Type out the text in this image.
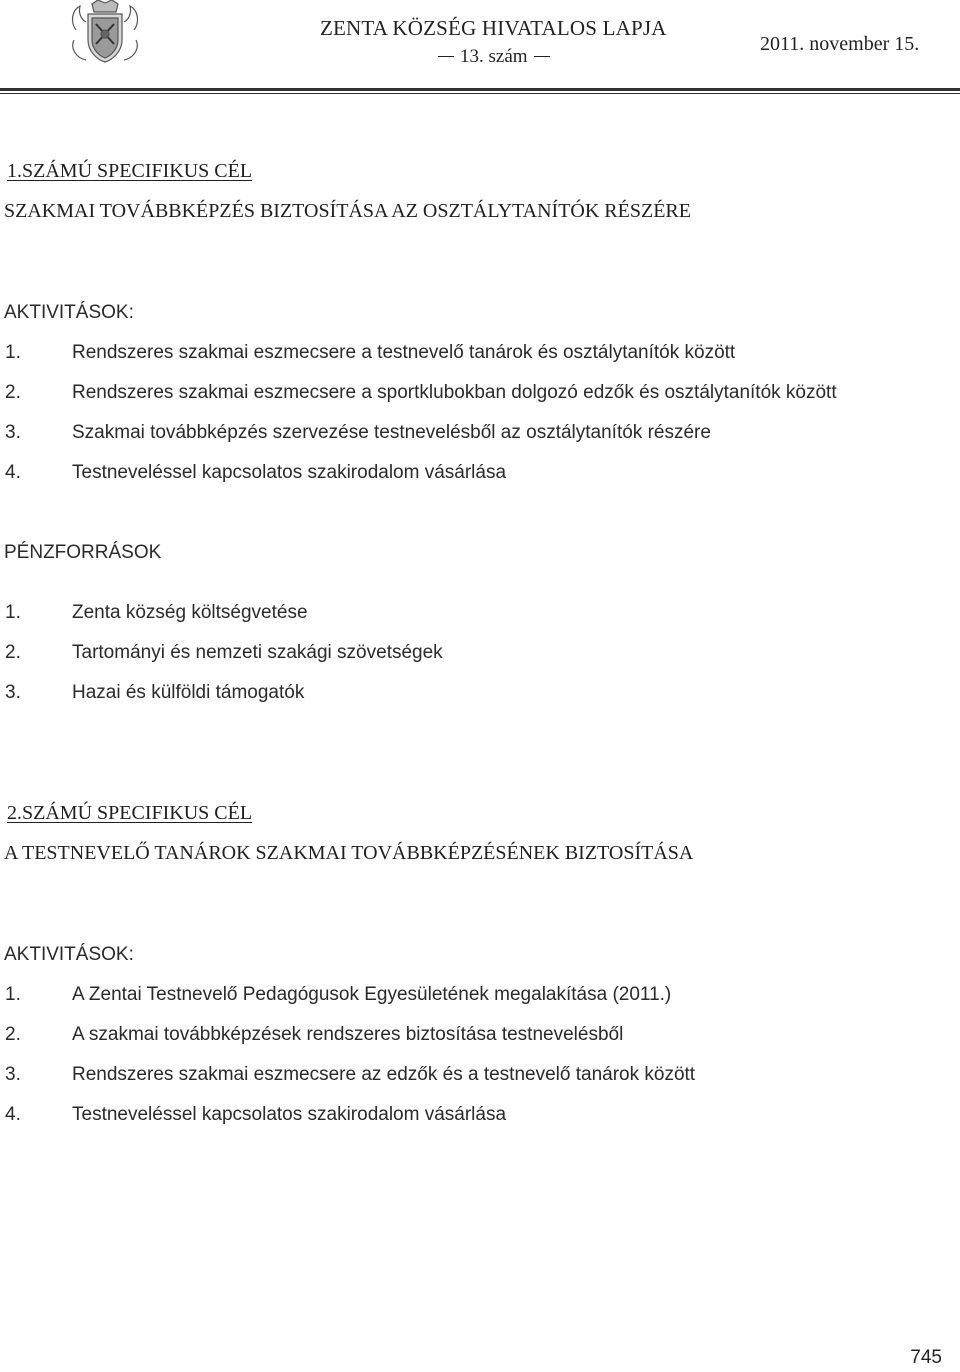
ZENTA KÖZSÉG HIVATALOS LAPJA
13. szám
2011. november 15.
1.SZÁMÚ SPECIFIKUS CÉL
SZAKMAI TOVÁBBKÉPZÉS BIZTOSÍTÁSA AZ OSZTÁLYTANÍTÓK RÉSZÉRE
AKTIVITÁSOK:
1.	Rendszeres szakmai eszmecsere a testnevelő tanárok és osztálytanítók között
2.	Rendszeres szakmai eszmecsere a sportklubokban dolgozó edzők és osztálytanítók között
3.	Szakmai továbbképzés szervezése testnevelésből az osztálytanítók részére
4.	Testneveléssel kapcsolatos szakirodalom vásárlása
PÉNZFORRÁSOK
1.	Zenta község költségvetése
2.	Tartományi és nemzeti szakági szövetségek
3.	Hazai és külföldi támogatók
2.SZÁMÚ SPECIFIKUS CÉL
A TESTNEVELŐ TANÁROK SZAKMAI TOVÁBBKÉPZÉSÉNEK BIZTOSÍTÁSA
AKTIVITÁSOK:
1.	A Zentai Testnevelő Pedagógusok Egyesületének megalakítása (2011.)
2.	A szakmai továbbképzések rendszeres biztosítása testnevelésből
3.	Rendszeres szakmai eszmecsere az edzők és a testnevelő tanárok között
4.	Testneveléssel kapcsolatos szakirodalom vásárlása
745
